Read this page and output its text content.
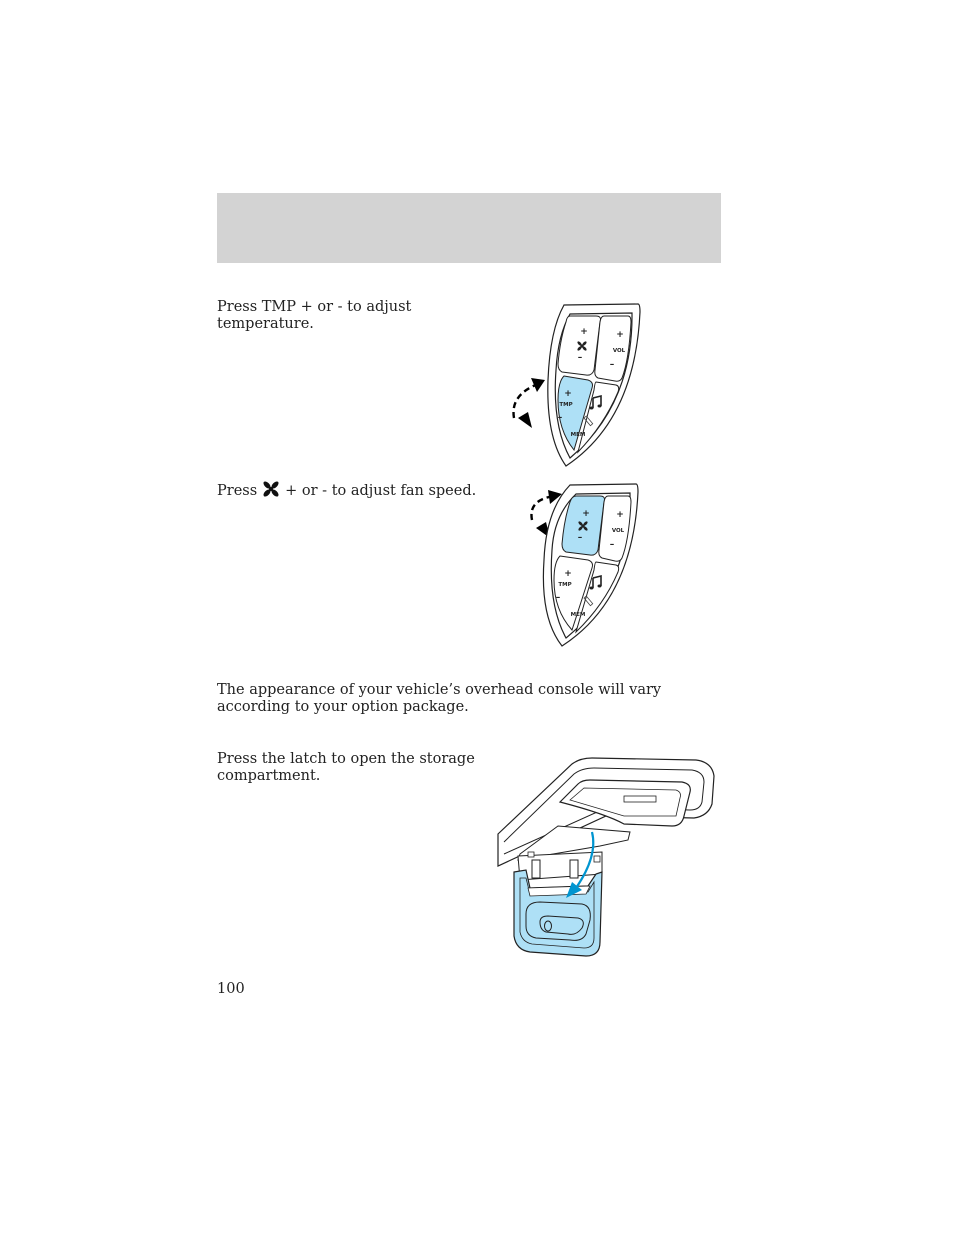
Press TMP + or - to adjust temperature.	+
–
+
VOL
–
+
TMP
–
MEM
Press + or - to adjust fan speed.
+
–
+
VOL
–
+
TMP
–
MEM
The appearance of your vehicle’s overhead console will vary according to your option package.
Press the latch to open the storage compartment.
100
